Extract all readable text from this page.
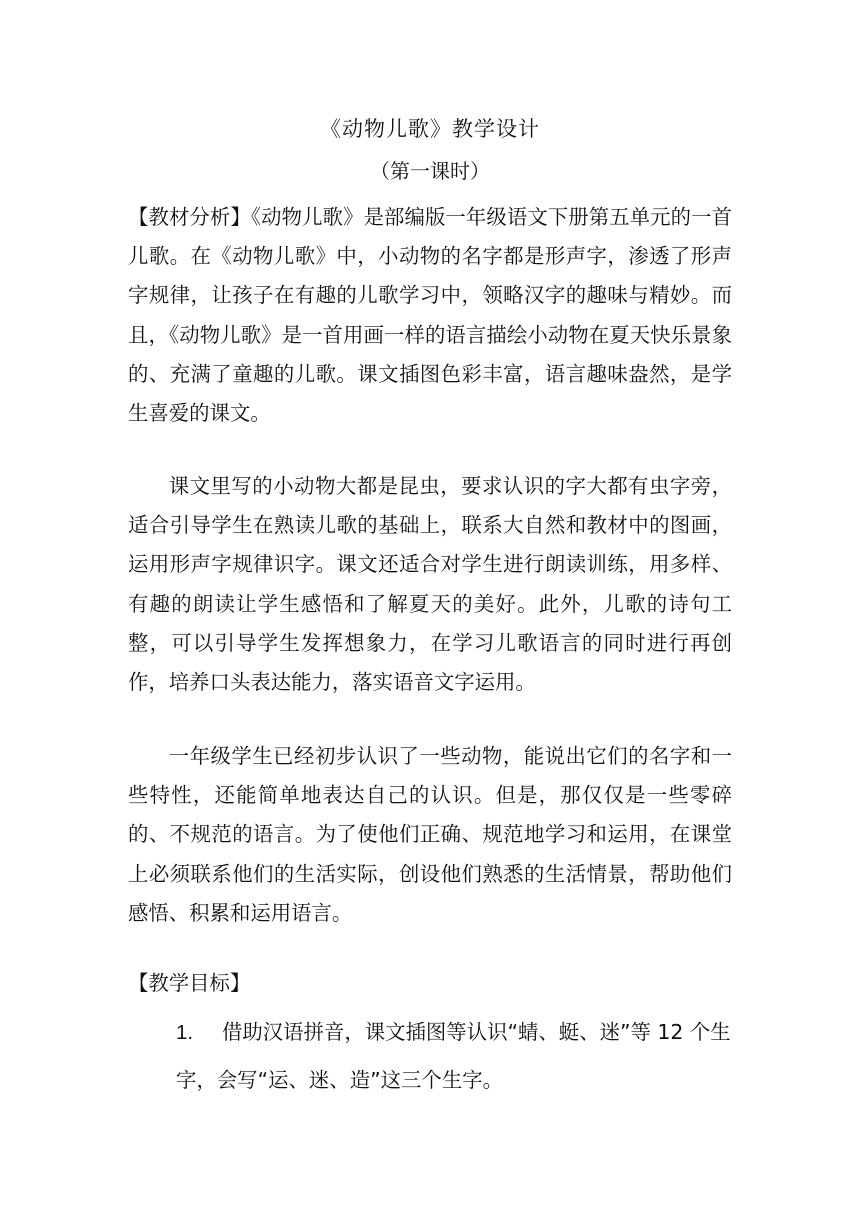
《动物儿歌》教学设计
（第一课时）

【教材分析】《动物儿歌》是部编版一年级语文下册第五单元的一首儿歌。在《动物儿歌》中，小动物的名字都是形声字，渗透了形声字规律，让孩子在有趣的儿歌学习中，领略汉字的趣味与精妙。而且，《动物儿歌》是一首用画一样的语言描绘小动物在夏天快乐景象的、充满了童趣的儿歌。课文插图色彩丰富，语言趣味盎然，是学生喜爱的课文。

课文里写的小动物大都是昆虫，要求认识的字大都有虫字旁，适合引导学生在熟读儿歌的基础上，联系大自然和教材中的图画，运用形声字规律识字。课文还适合对学生进行朗读训练，用多样、有趣的朗读让学生感悟和了解夏天的美好。此外，儿歌的诗句工整，可以引导学生发挥想象力，在学习儿歌语言的同时进行再创作，培养口头表达能力，落实语音文字运用。

一年级学生已经初步认识了一些动物，能说出它们的名字和一些特性，还能简单地表达自己的认识。但是，那仅仅是一些零碎的、不规范的语言。为了使他们正确、规范地学习和运用，在课堂上必须联系他们的生活实际，创设他们熟悉的生活情景，帮助他们感悟、积累和运用语言。

【教学目标】

1. 借助汉语拼音，课文插图等认识“蜻、蜓、迷”等 12 个生
字，会写“运、迷、造”这三个生字。
